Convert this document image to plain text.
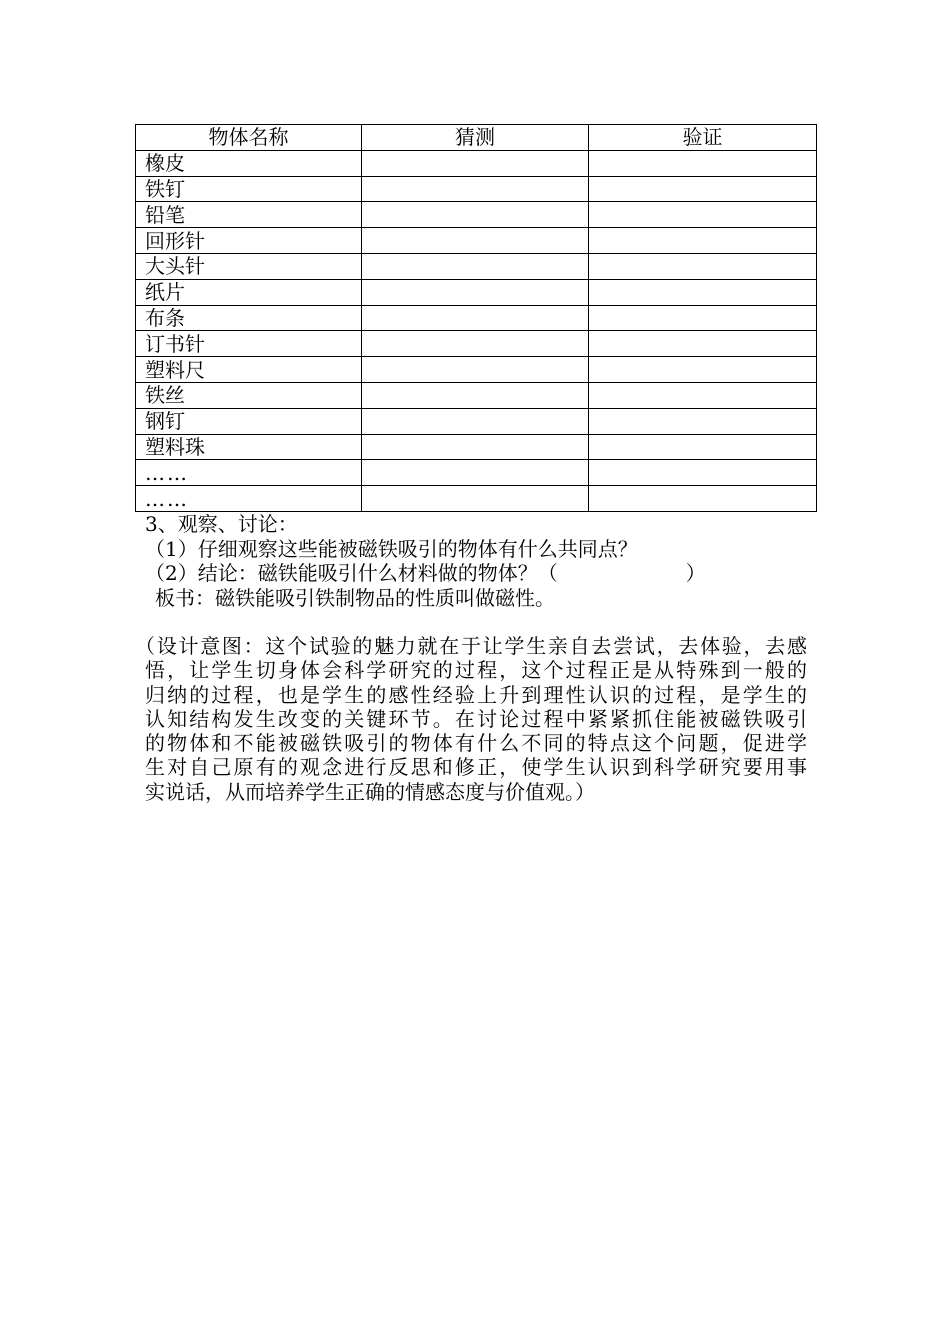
物体名称	猜测	验证
橡皮		
铁钉		
铅笔		
回形针		
大头针		
纸片		
布条		
订书针		
塑料尺		
铁丝		
钢钉		
塑料珠		
……		
……		
3、观察、讨论：
（1）仔细观察这些能被磁铁吸引的物体有什么共同点？
（2）结论：磁铁能吸引什么材料做的物体？（	）
板书：磁铁能吸引铁制物品的性质叫做磁性。
（设计意图：这个试验的魅力就在于让学生亲自去尝试，去体验，去感
悟，让学生切身体会科学研究的过程，这个过程正是从特殊到一般的
归纳的过程，也是学生的感性经验上升到理性认识的过程，是学生的
认知结构发生改变的关键环节。在讨论过程中紧紧抓住能被磁铁吸引
的物体和不能被磁铁吸引的物体有什么不同的特点这个问题，促进学
生对自己原有的观念进行反思和修正，使学生认识到科学研究要用事
实说话，从而培养学生正确的情感态度与价值观。）
